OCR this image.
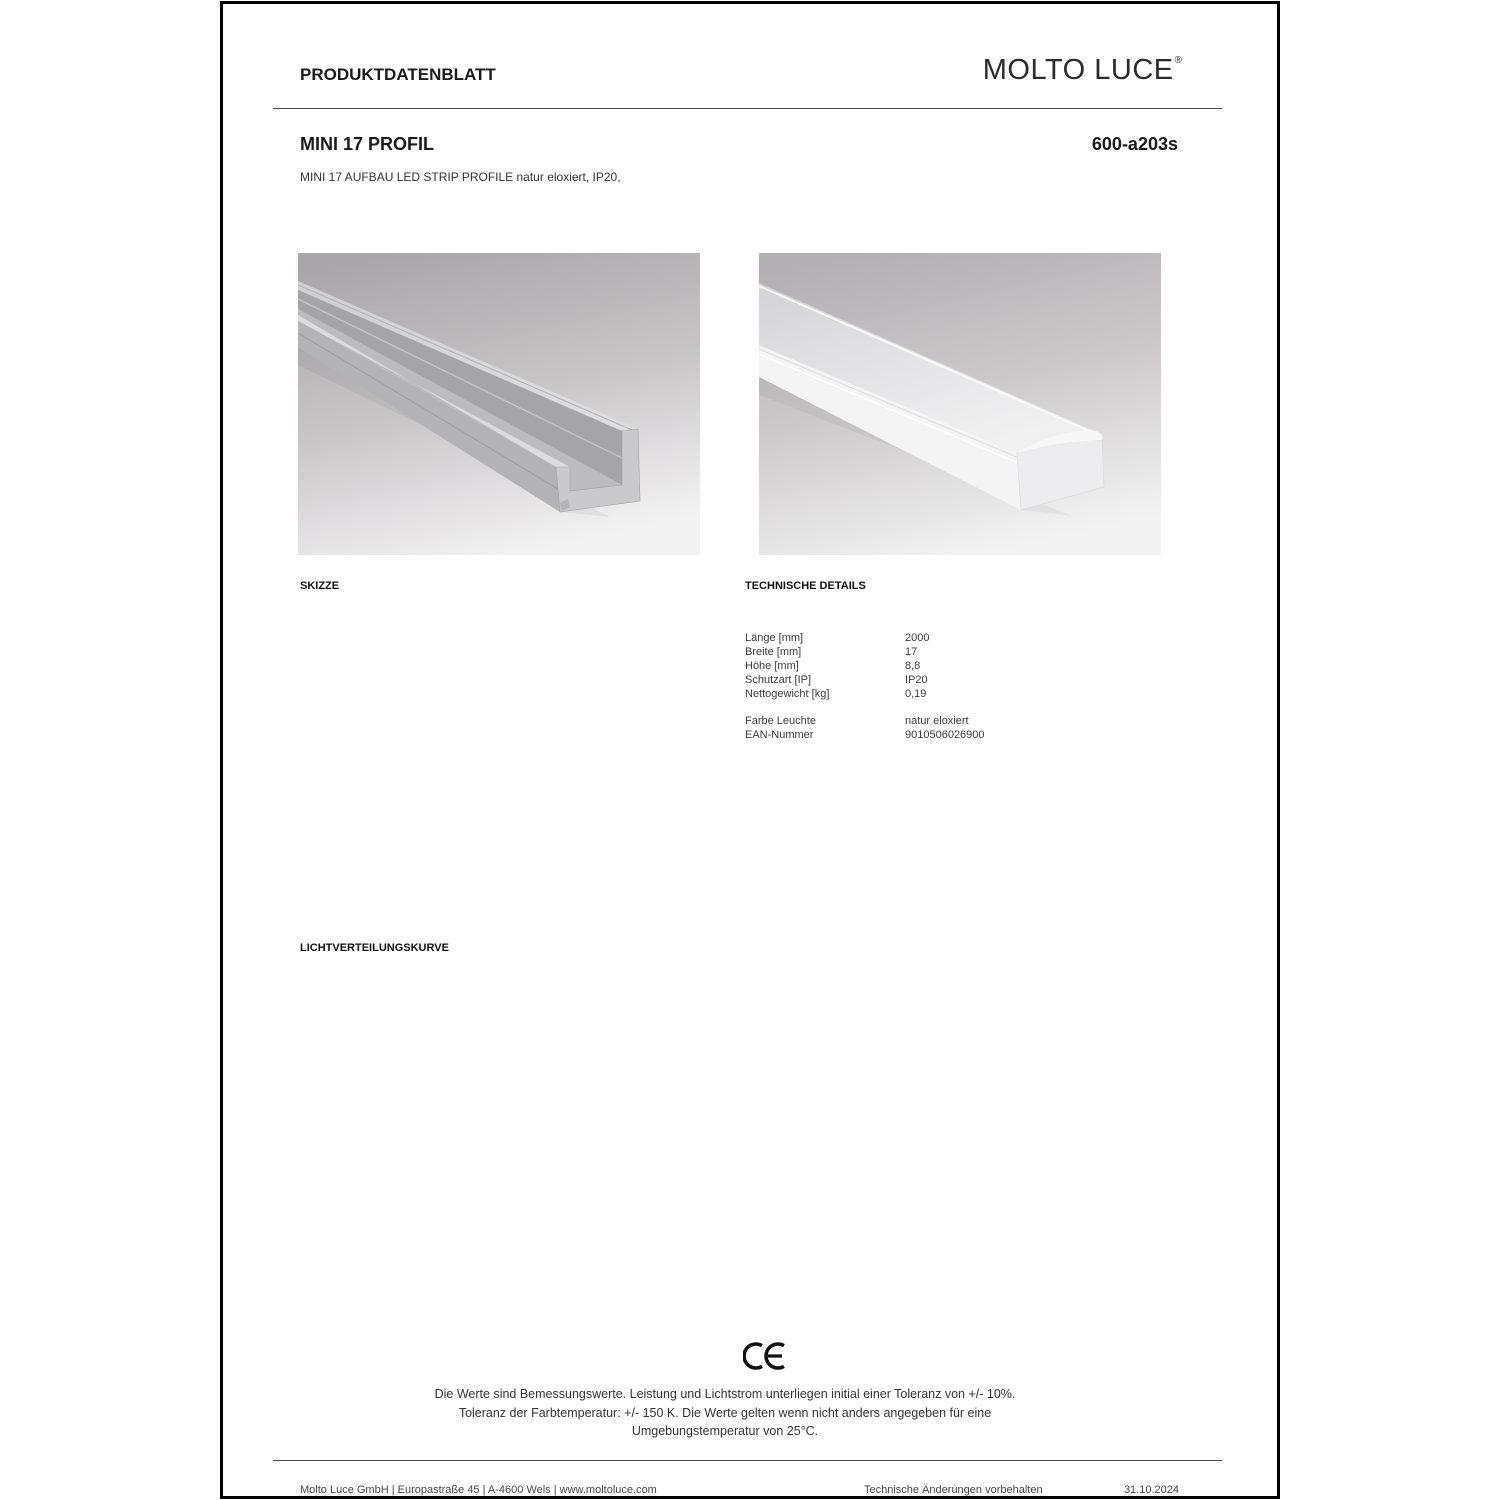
PRODUKTDATENBLATT	MOLTO LUCE®
MINI 17 PROFIL	600-a203s
MINI 17 AUFBAU LED STRIP PROFILE natur eloxiert, IP20,
SKIZZE	TECHNISCHE DETAILS
Länge [mm]	2000
Breite [mm]	17
Höhe [mm]	8,8
Schutzart [IP]	IP20
Nettogewicht [kg]	0,19
Farbe Leuchte	natur eloxiert
EAN-Nummer	9010506026900
LICHTVERTEILUNGSKURVE
Die Werte sind Bemessungswerte. Leistung und Lichtstrom unterliegen initial einer Toleranz von +/- 10%.
Toleranz der Farbtemperatur: +/- 150 K. Die Werte gelten wenn nicht anders angegeben für eine
Umgebungstemperatur von 25°C.
Molto Luce GmbH | Europastraße 45 | A-4600 Wels | www.moltoluce.com	Technische Änderungen vorbehalten	31.10.2024
